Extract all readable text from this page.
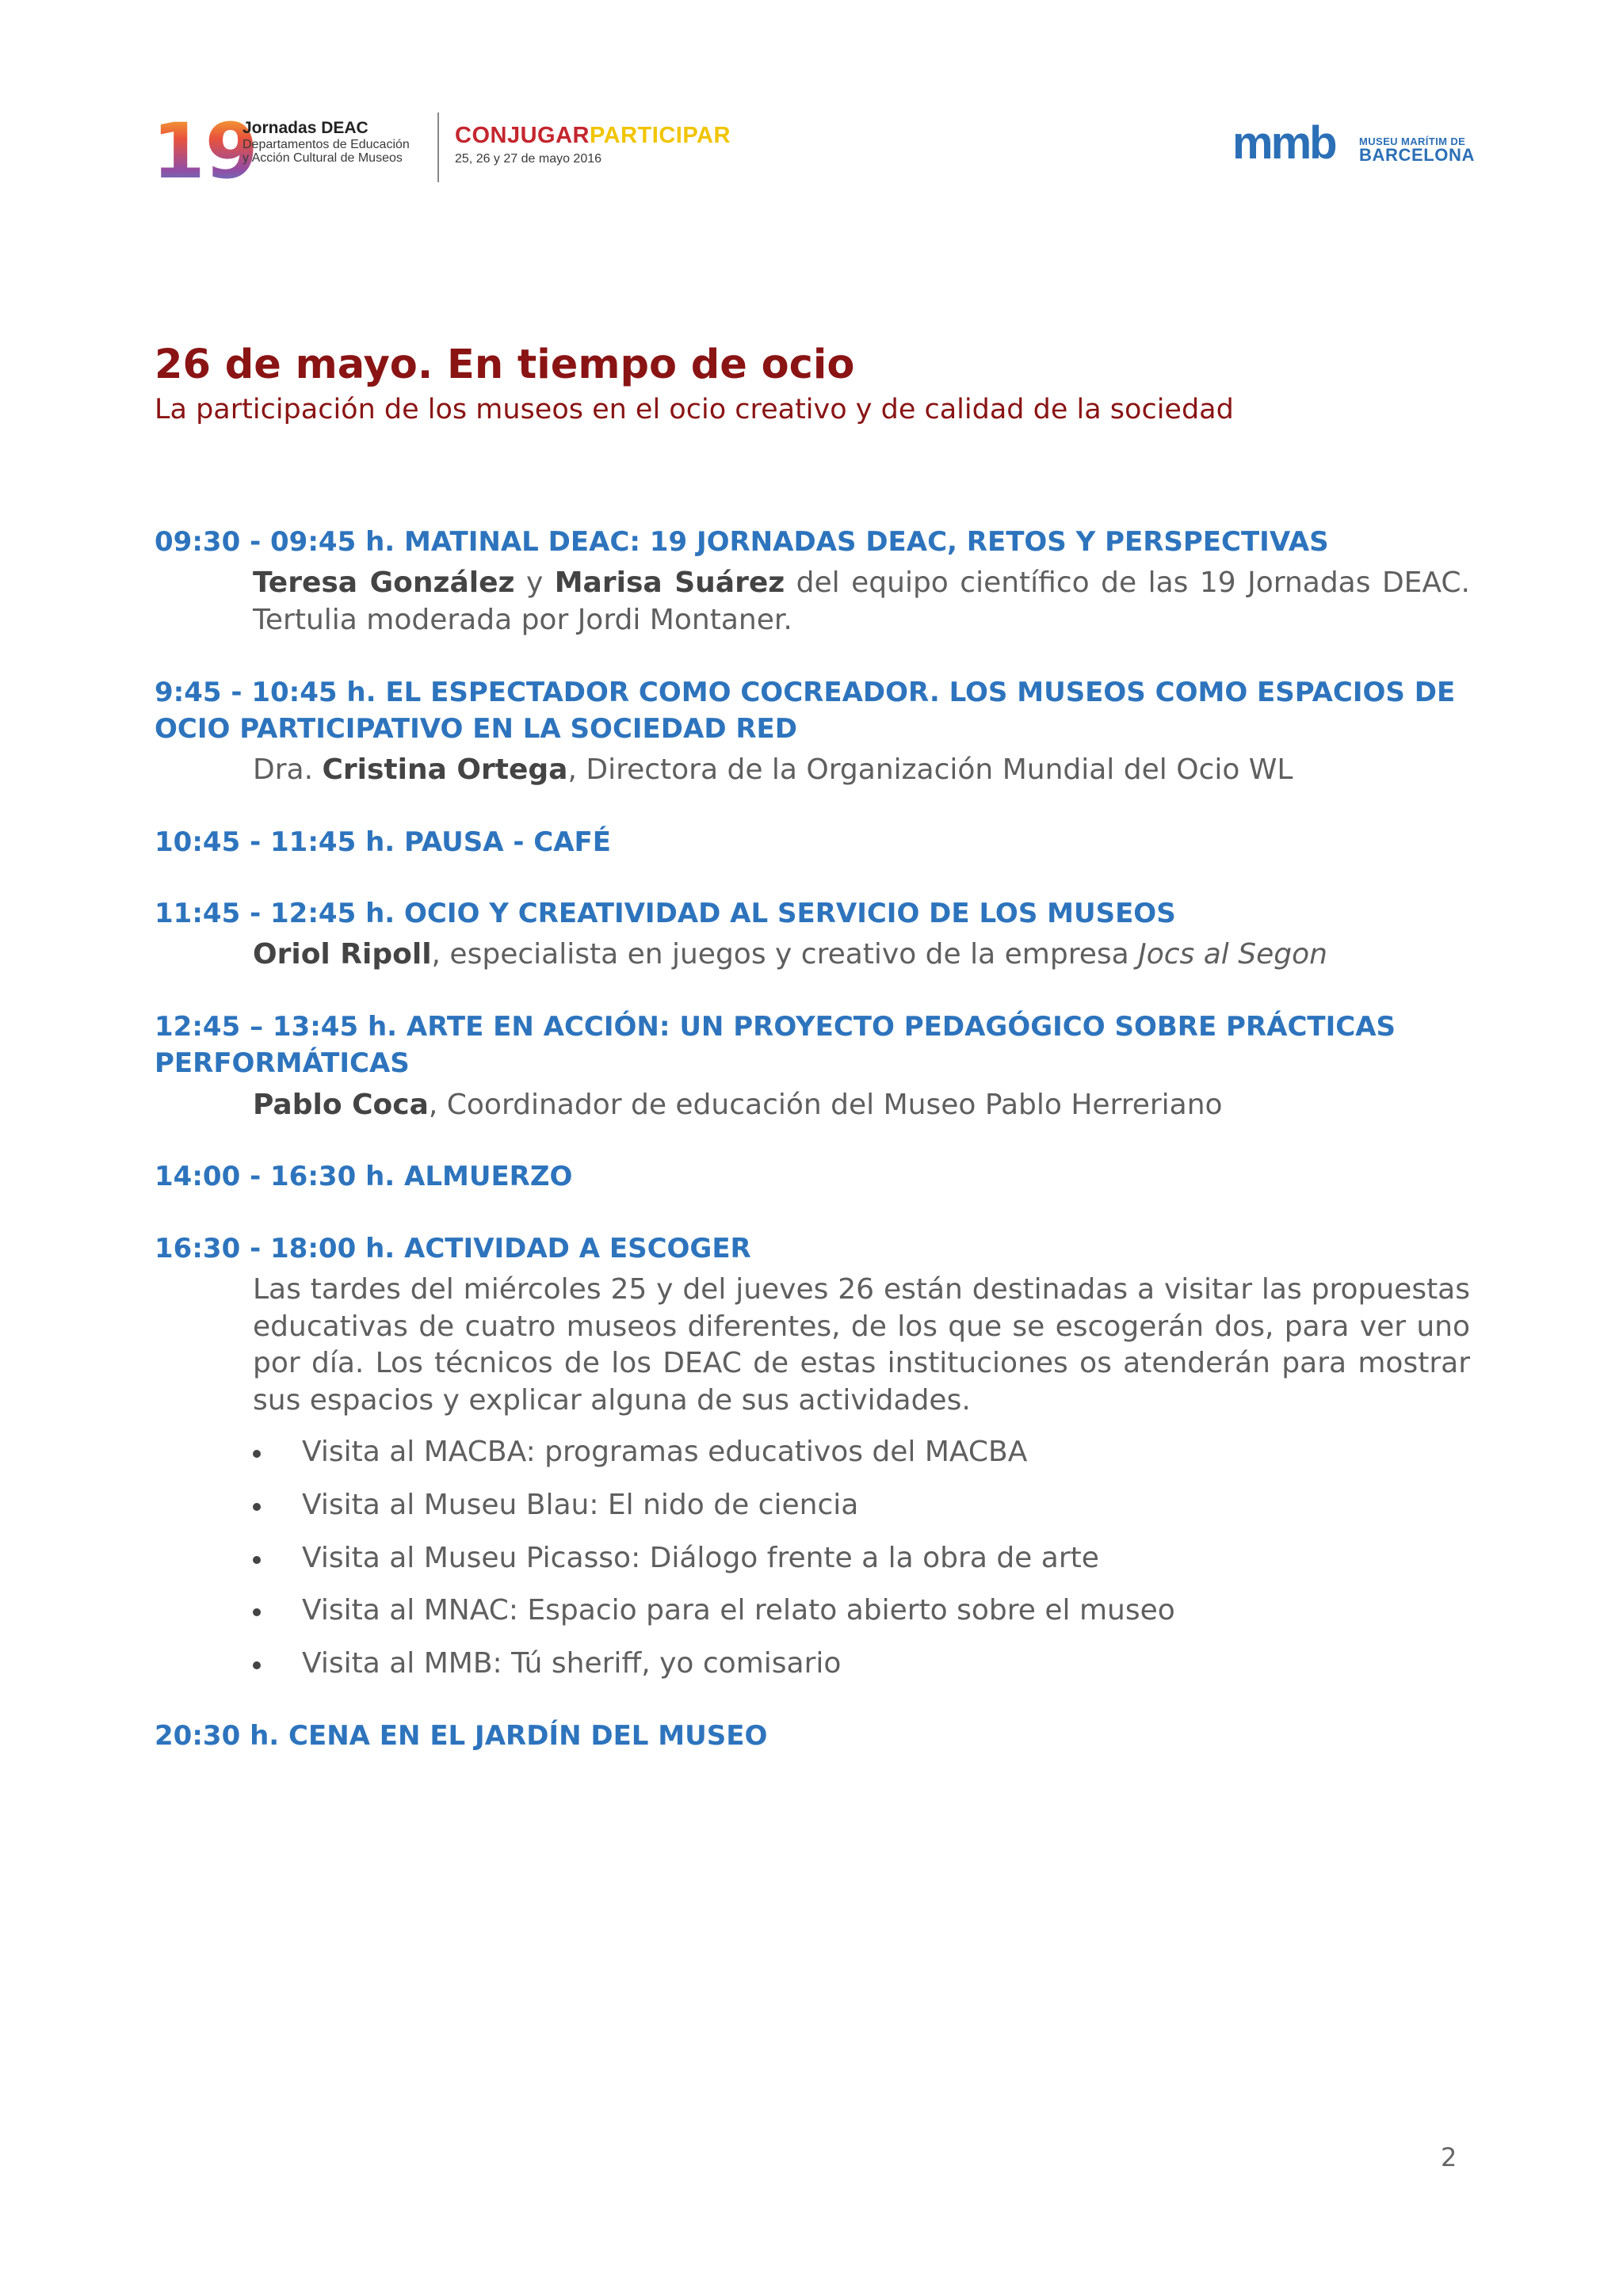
19
Jornadas DEAC
Departamentos de Educación
y Acción Cultural de Museos
CONJUGARPARTICIPAR
25, 26 y 27 de mayo 2016	mmb MUSEU MARÍTIM DE
BARCELONA
26 de mayo. En tiempo de ocio
La participación de los museos en el ocio creativo y de calidad de la sociedad
09:30 - 09:45 h. MATINAL DEAC: 19 JORNADAS DEAC, RETOS Y PERSPECTIVAS
Teresa González y Marisa Suárez del equipo científico de las 19 Jornadas DEAC. Tertulia moderada por Jordi Montaner.
9:45 - 10:45 h. EL ESPECTADOR COMO COCREADOR. LOS MUSEOS COMO ESPACIOS DE OCIO PARTICIPATIVO EN LA SOCIEDAD RED
Dra. Cristina Ortega, Directora de la Organización Mundial del Ocio WL
10:45 - 11:45 h. PAUSA - CAFÉ
11:45 - 12:45 h. OCIO Y CREATIVIDAD AL SERVICIO DE LOS MUSEOS
Oriol Ripoll, especialista en juegos y creativo de la empresa Jocs al Segon
12:45 – 13:45 h. ARTE EN ACCIÓN: UN PROYECTO PEDAGÓGICO SOBRE PRÁCTICAS PERFORMÁTICAS
Pablo Coca, Coordinador de educación del Museo Pablo Herreriano
14:00 - 16:30 h. ALMUERZO
16:30 - 18:00 h. ACTIVIDAD A ESCOGER
Las tardes del miércoles 25 y del jueves 26 están destinadas a visitar las propuestas educativas de cuatro museos diferentes, de los que se escogerán dos, para ver uno por día. Los técnicos de los DEAC de estas instituciones os atenderán para mostrar sus espacios y explicar alguna de sus actividades.
Visita al MACBA: programas educativos del MACBA
Visita al Museu Blau: El nido de ciencia
Visita al Museu Picasso: Diálogo frente a la obra de arte
Visita al MNAC: Espacio para el relato abierto sobre el museo
Visita al MMB: Tú sheriff, yo comisario
20:30 h. CENA EN EL JARDÍN DEL MUSEO
2
